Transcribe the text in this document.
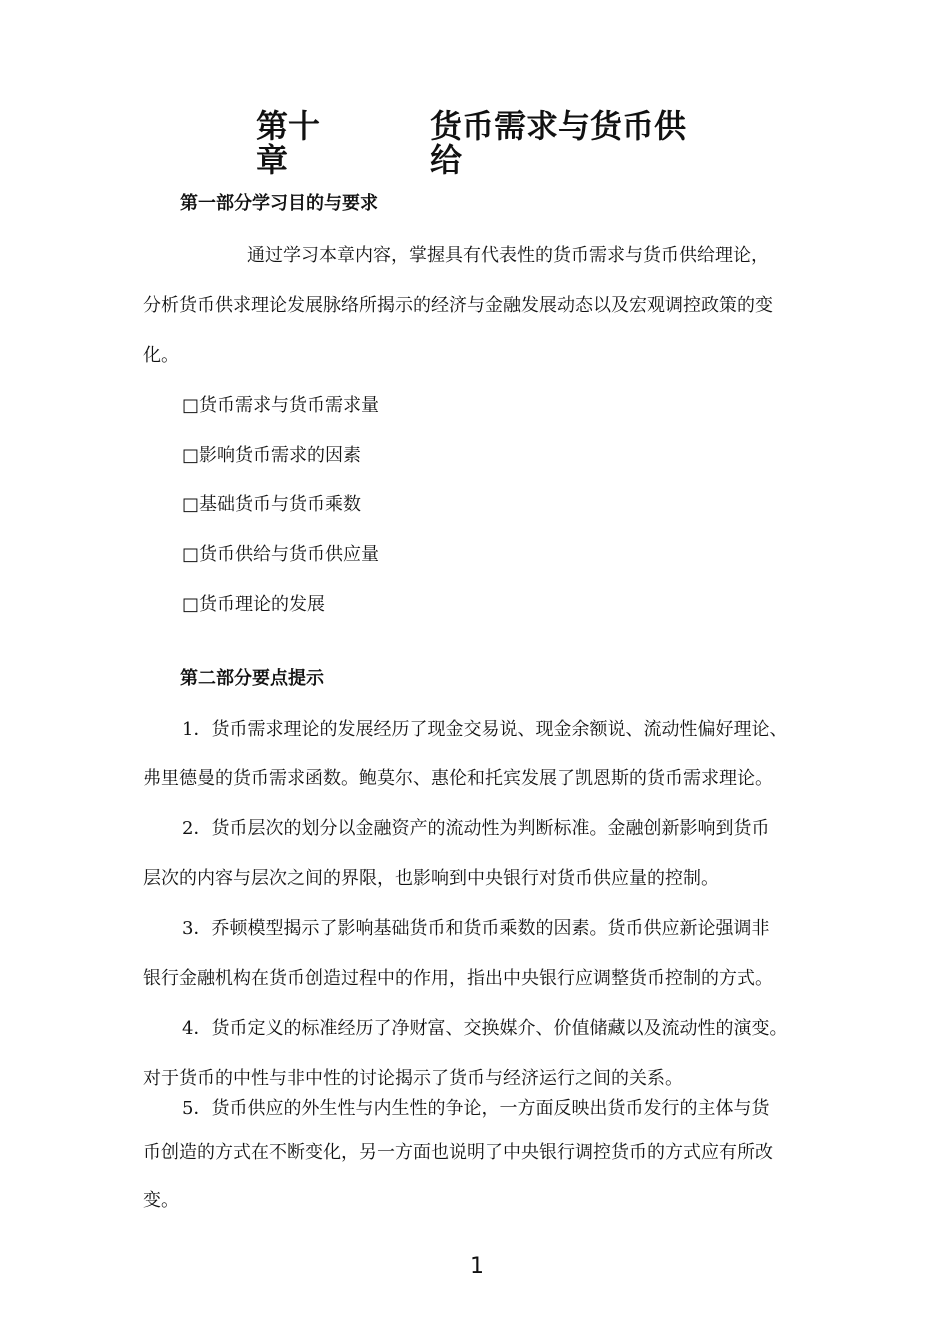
第十
章
货币需求与货币供
给
第一部分学习目的与要求
通过学习本章内容，掌握具有代表性的货币需求与货币供给理论，
分析货币供求理论发展脉络所揭示的经济与金融发展动态以及宏观调控政策的变
化。
□货币需求与货币需求量
□影响货币需求的因素
□基础货币与货币乘数
□货币供给与货币供应量
□货币理论的发展
第二部分要点提示
1．货币需求理论的发展经历了现金交易说、现金余额说、流动性偏好理论、
弗里德曼的货币需求函数。鲍莫尔、惠伦和托宾发展了凯恩斯的货币需求理论。
2．货币层次的划分以金融资产的流动性为判断标准。金融创新影响到货币
层次的内容与层次之间的界限，也影响到中央银行对货币供应量的控制。
3．乔顿模型揭示了影响基础货币和货币乘数的因素。货币供应新论强调非
银行金融机构在货币创造过程中的作用，指出中央银行应调整货币控制的方式。
4．货币定义的标准经历了净财富、交换媒介、价值储藏以及流动性的演变。
对于货币的中性与非中性的讨论揭示了货币与经济运行之间的关系。
5．货币供应的外生性与内生性的争论，一方面反映出货币发行的主体与货
币创造的方式在不断变化，另一方面也说明了中央银行调控货币的方式应有所改
变。
1
